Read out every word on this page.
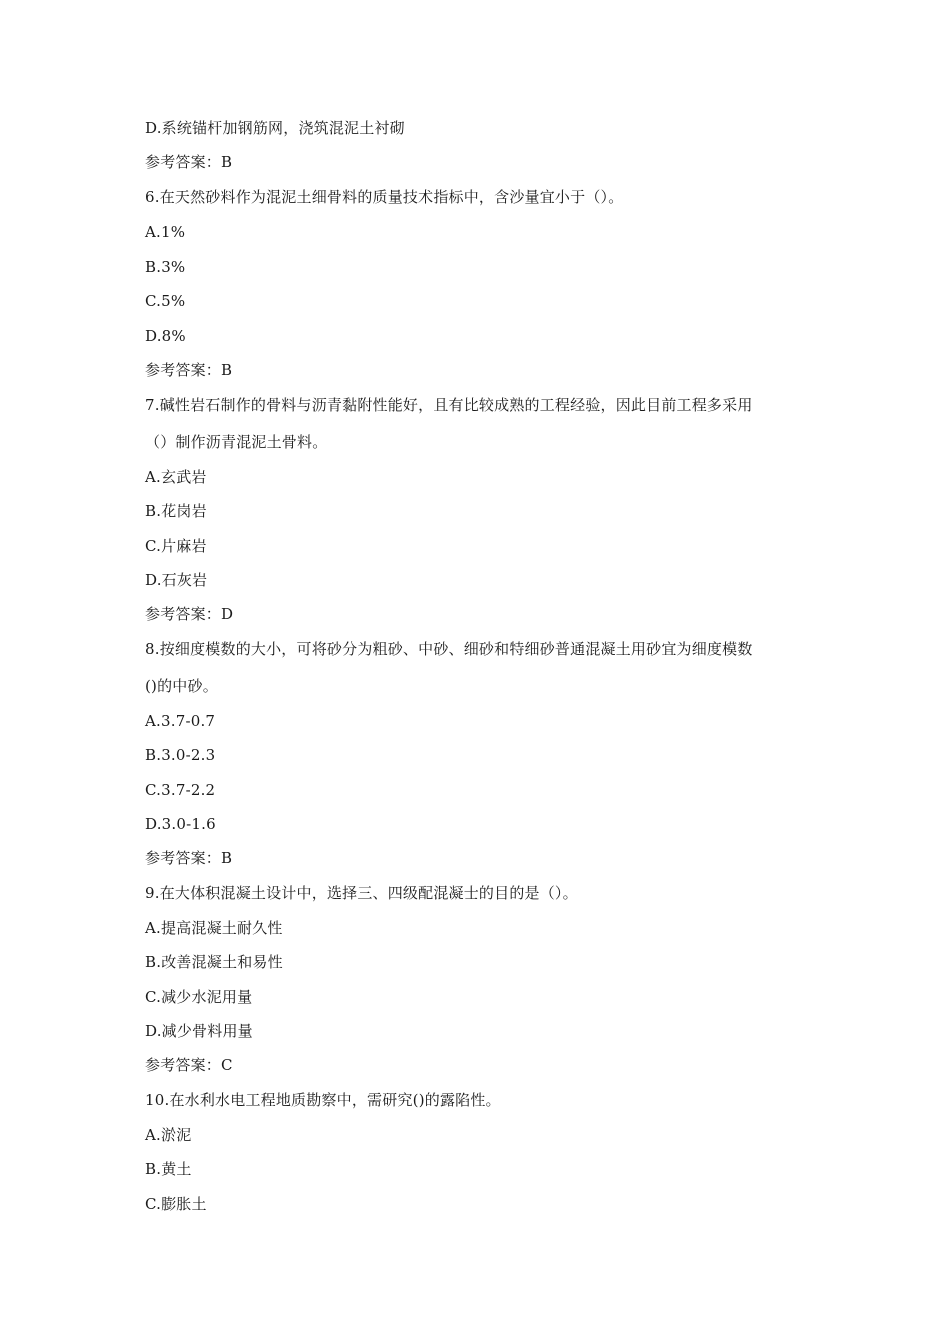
D.系统锚杆加钢筋网，浇筑混泥土衬砌
参考答案：B
6.在天然砂料作为混泥土细骨料的质量技术指标中，含沙量宜小于（）。
A.1%
B.3%
C.5%
D.8%
参考答案：B
7.碱性岩石制作的骨料与沥青黏附性能好，且有比较成熟的工程经验，因此目前工程多采用
（）制作沥青混泥土骨料。
A.玄武岩
B.花岗岩
C.片麻岩
D.石灰岩
参考答案：D
8.按细度模数的大小，可将砂分为粗砂、中砂、细砂和特细砂普通混凝土用砂宜为细度模数
()的中砂。
A.3.7-0.7
B.3.0-2.3
C.3.7-2.2
D.3.0-1.6
参考答案：B
9.在大体积混凝土设计中，选择三、四级配混凝士的目的是（）。
A.提高混凝土耐久性
B.改善混凝土和易性
C.减少水泥用量
D.减少骨料用量
参考答案：C
10.在水利水电工程地质勘察中，需研究()的露陷性。
A.淤泥
B.黄土
C.膨胀土
